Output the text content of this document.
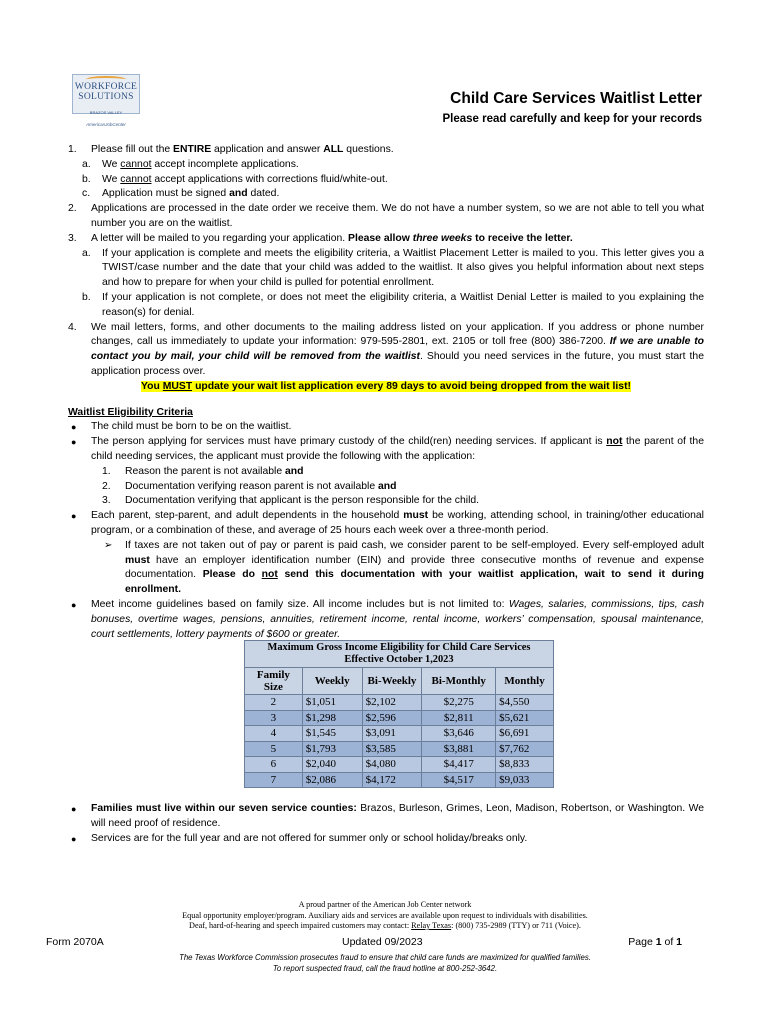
WORKFORCE
SOLUTIONS
BRAZOS VALLEY
AmericanJobCenter
Child Care Services Waitlist Letter
Please read carefully and keep for your records
1. Please fill out the ENTIRE application and answer ALL questions.
a. We cannot accept incomplete applications.
b. We cannot accept applications with corrections fluid/white-out.
c. Application must be signed and dated.
2. Applications are processed in the date order we receive them. We do not have a number system, so we are not able to tell you what number you are on the waitlist.
3. A letter will be mailed to you regarding your application. Please allow three weeks to receive the letter.
a. If your application is complete and meets the eligibility criteria, a Waitlist Placement Letter is mailed to you. This letter gives you a TWIST/case number and the date that your child was added to the waitlist. It also gives you helpful information about next steps and how to prepare for when your child is pulled for potential enrollment.
b. If your application is not complete, or does not meet the eligibility criteria, a Waitlist Denial Letter is mailed to you explaining the reason(s) for denial.
4. We mail letters, forms, and other documents to the mailing address listed on your application. If you address or phone number changes, call us immediately to update your information: 979-595-2801, ext. 2105 or toll free (800) 386-7200. If we are unable to contact you by mail, your child will be removed from the waitlist. Should you need services in the future, you must start the application process over.
You MUST update your wait list application every 89 days to avoid being dropped from the wait list!
Waitlist Eligibility Criteria
● The child must be born to be on the waitlist.
● The person applying for services must have primary custody of the child(ren) needing services. If applicant is not the parent of the child needing services, the applicant must provide the following with the application:
1. Reason the parent is not available and
2. Documentation verifying reason parent is not available and
3. Documentation verifying that applicant is the person responsible for the child.
● Each parent, step-parent, and adult dependents in the household must be working, attending school, in training/other educational program, or a combination of these, and average of 25 hours each week over a three-month period.
➢ If taxes are not taken out of pay or parent is paid cash, we consider parent to be self-employed. Every self-employed adult must have an employer identification number (EIN) and provide three consecutive months of revenue and expense documentation. Please do not send this documentation with your waitlist application, wait to send it during enrollment.
● Meet income guidelines based on family size. All income includes but is not limited to: Wages, salaries, commissions, tips, cash bonuses, overtime wages, pensions, annuities, retirement income, rental income, workers’ compensation, spousal maintenance, court settlements, lottery payments of $600 or greater.
Maximum Gross Income Eligibility for Child Care Services
Effective October 1,2023				

Family Size	Weekly	Bi-Weekly	Bi-Monthly	Monthly
2	$1,051	$2,102	$2,275	$4,550
3	$1,298	$2,596	$2,811	$5,621
4	$1,545	$3,091	$3,646	$6,691
5	$1,793	$3,585	$3,881	$7,762
6	$2,040	$4,080	$4,417	$8,833
7	$2,086	$4,172	$4,517	$9,033
● Families must live within our seven service counties: Brazos, Burleson, Grimes, Leon, Madison, Robertson, or Washington. We will need proof of residence.
● Services are for the full year and are not offered for summer only or school holiday/breaks only.
A proud partner of the American Job Center network
Equal opportunity employer/program. Auxiliary aids and services are available upon request to individuals with disabilities.
Deaf, hard-of-hearing and speech impaired customers may contact: Relay Texas: (800) 735-2989 (TTY) or 711 (Voice).
Form 2070A	Updated 09/2023	Page 1 of 1
The Texas Workforce Commission prosecutes fraud to ensure that child care funds are maximized for qualified families.
To report suspected fraud, call the fraud hotline at 800-252-3642.
